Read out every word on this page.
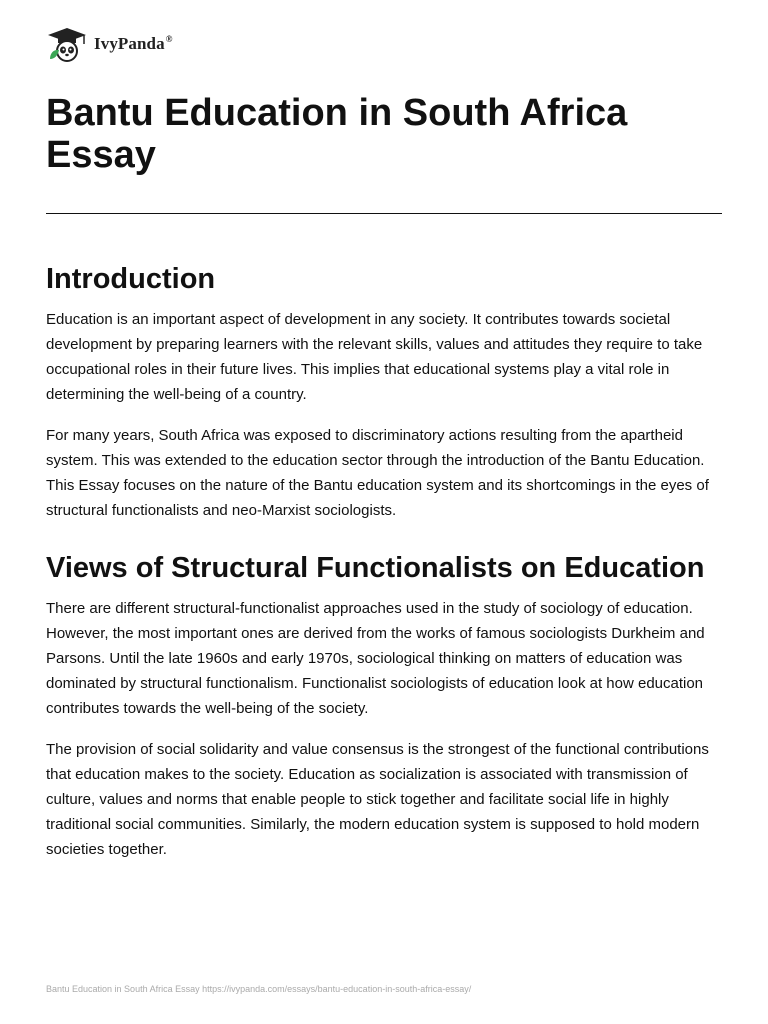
IvyPanda®
Bantu Education in South Africa Essay
Introduction

Education is an important aspect of development in any society. It contributes towards societal development by preparing learners with the relevant skills, values and attitudes they require to take occupational roles in their future lives. This implies that educational systems play a vital role in determining the well-being of a country.

For many years, South Africa was exposed to discriminatory actions resulting from the apartheid system. This was extended to the education sector through the introduction of the Bantu Education. This Essay focuses on the nature of the Bantu education system and its shortcomings in the eyes of structural functionalists and neo-Marxist sociologists.

Views of Structural Functionalists on Education

There are different structural-functionalist approaches used in the study of sociology of education. However, the most important ones are derived from the works of famous sociologists Durkheim and Parsons. Until the late 1960s and early 1970s, sociological thinking on matters of education was dominated by structural functionalism. Functionalist sociologists of education look at how education contributes towards the well-being of the society.

The provision of social solidarity and value consensus is the strongest of the functional contributions that education makes to the society. Education as socialization is associated with transmission of culture, values and norms that enable people to stick together and facilitate social life in highly traditional social communities. Similarly, the modern education system is supposed to hold modern societies together.

Bantu Education in South Africa Essay https://ivypanda.com/essays/bantu-education-in-south-africa-essay/
